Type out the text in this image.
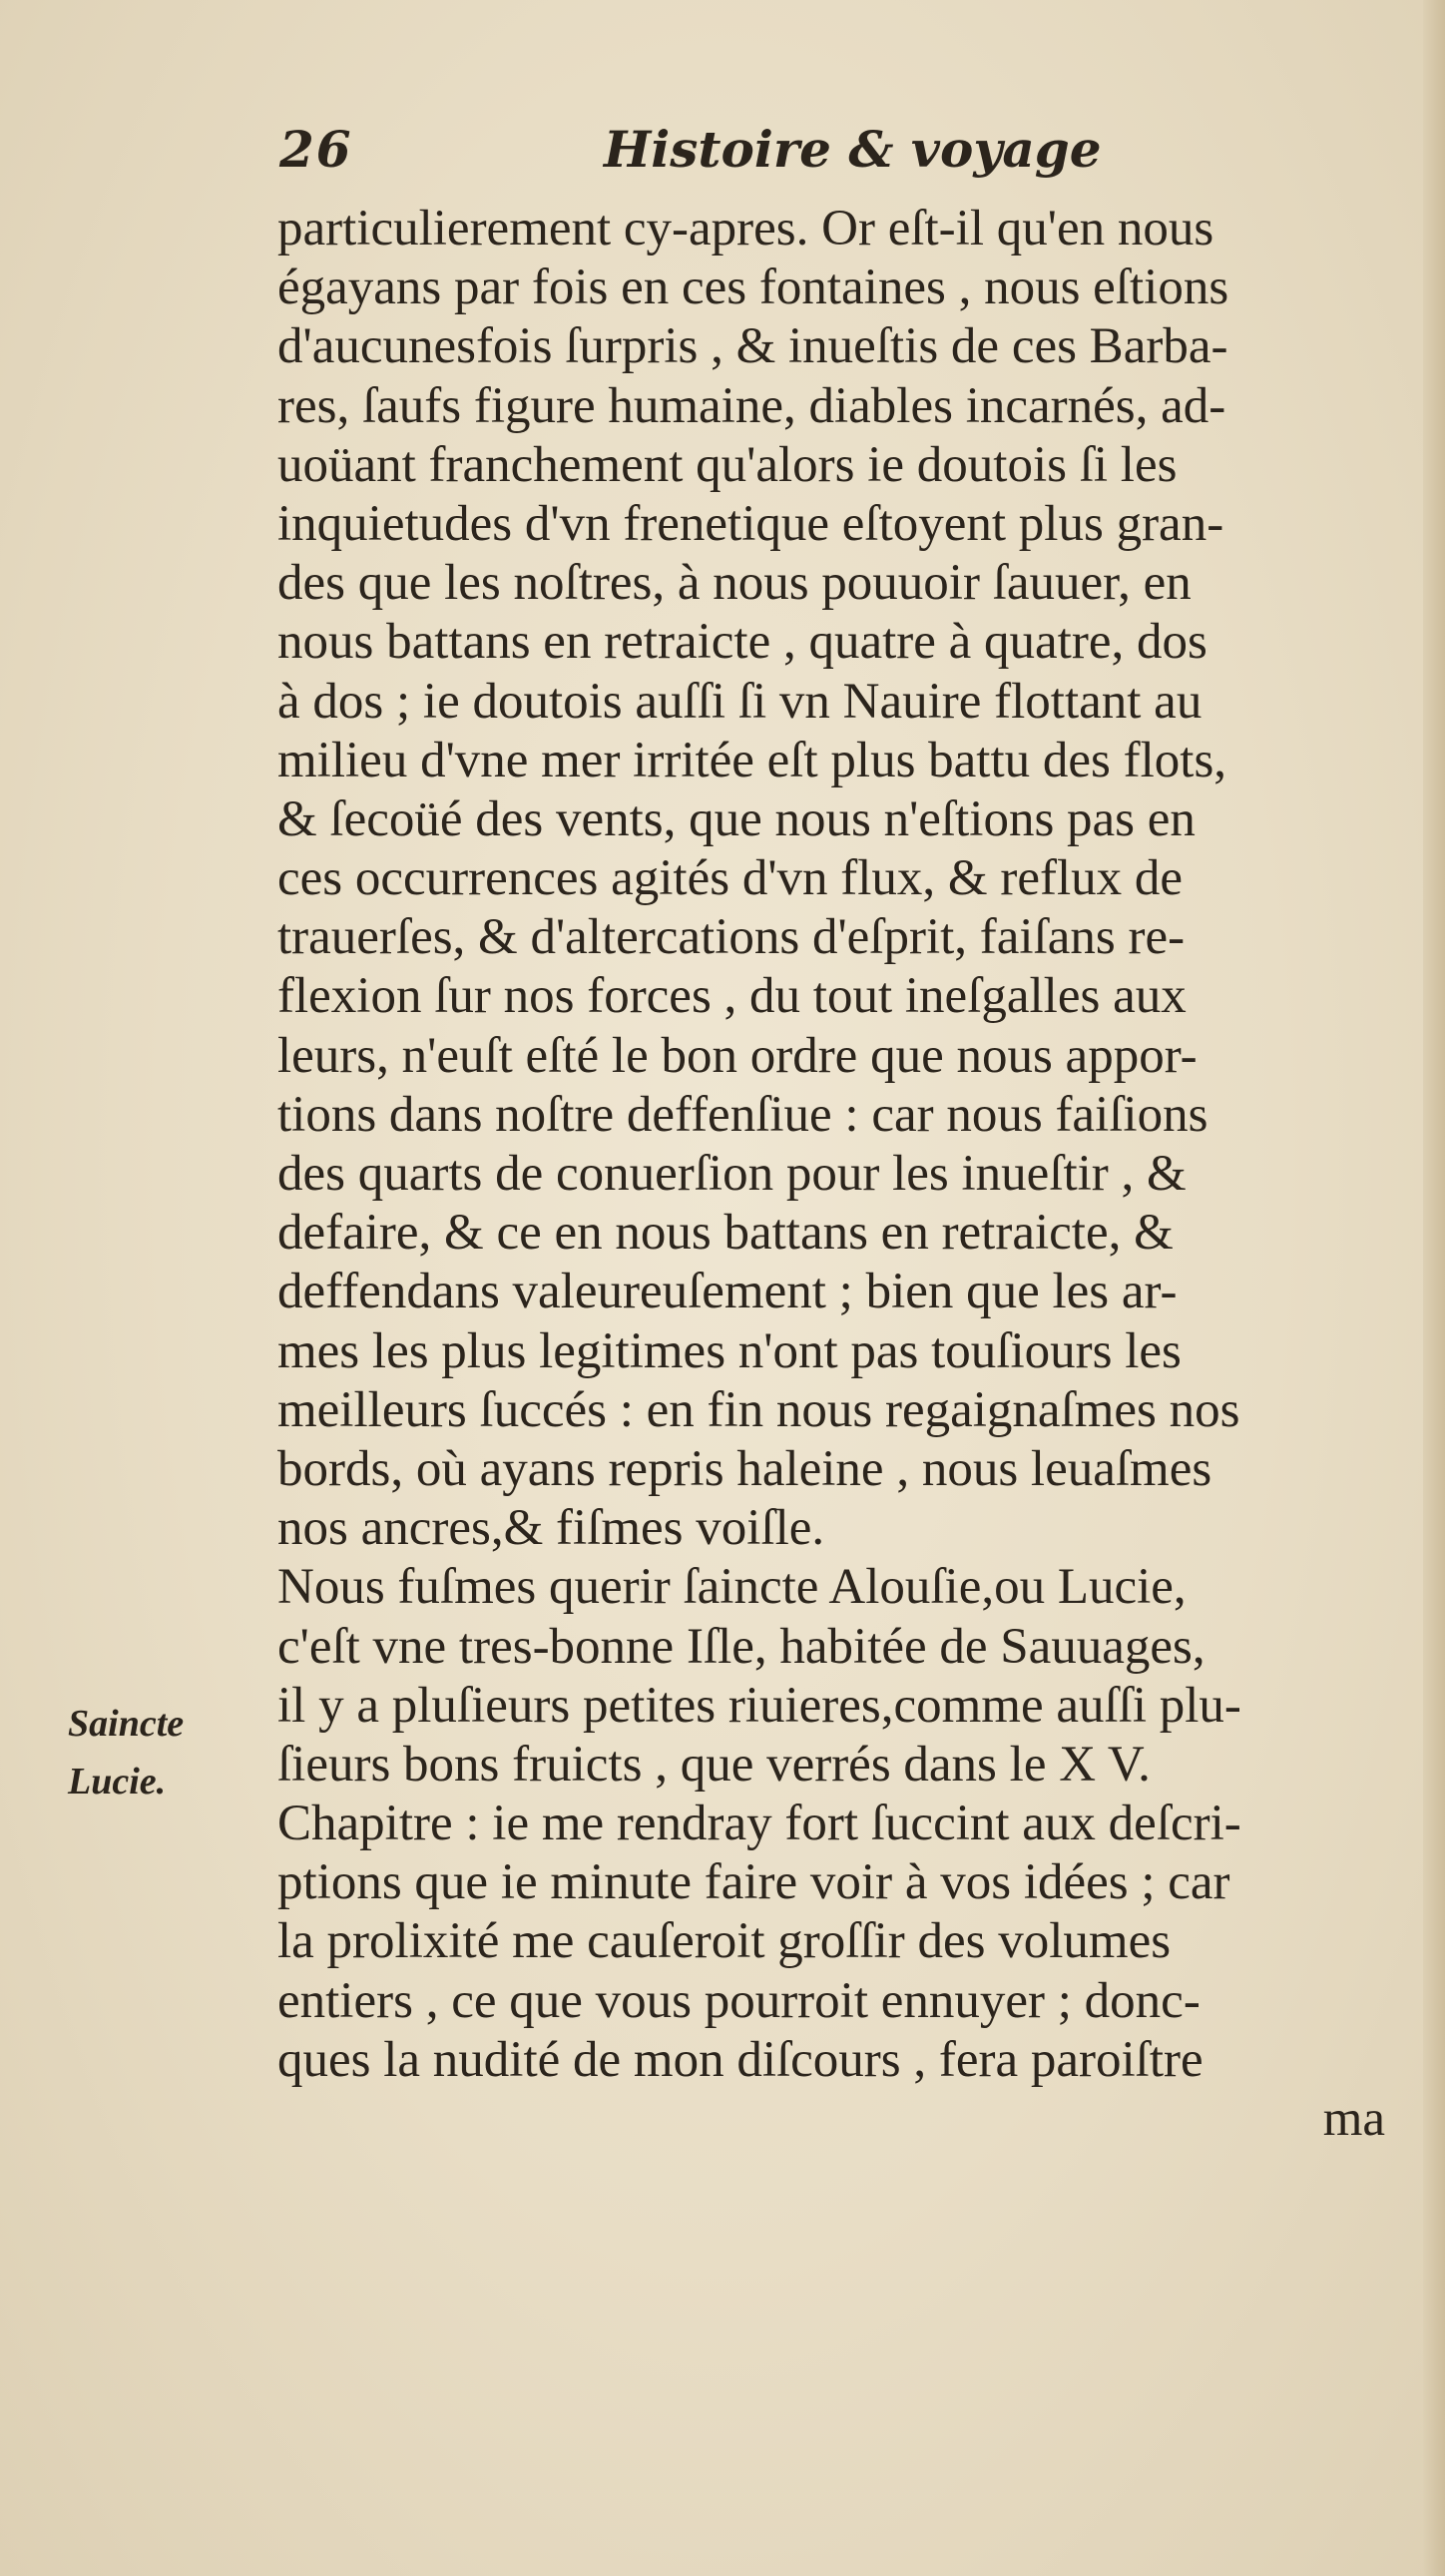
26	Histoire & voyage
Saincte
Lucie.
particulierement cy-apres. Or eſt-il qu'en nous
égayans par fois en ces fontaines , nous eſtions
d'aucunesfois ſurpris , & inueſtis de ces Barba-
res, ſaufs figure humaine, diables incarnés, ad-
uoüant franchement qu'alors ie doutois ſi les
inquietudes d'vn frenetique eſtoyent plus gran-
des que les noſtres, à nous pouuoir ſauuer, en
nous battans en retraicte , quatre à quatre, dos
à dos ; ie doutois auſſi ſi vn Nauire flottant au
milieu d'vne mer irritée eſt plus battu des flots,
& ſecoüé des vents, que nous n'eſtions pas en
ces occurrences agités d'vn flux, & reflux de
trauerſes, & d'altercations d'eſprit, faiſans re-
flexion ſur nos forces , du tout ineſgalles aux
leurs, n'euſt eſté le bon ordre que nous appor-
tions dans noſtre deffenſiue : car nous faiſions
des quarts de conuerſion pour les inueſtir , &
defaire, & ce en nous battans en retraicte, &
deffendans valeureuſement ; bien que les ar-
mes les plus legitimes n'ont pas touſiours les
meilleurs ſuccés : en fin nous regaignaſmes nos
bords, où ayans repris haleine , nous leuaſmes
nos ancres,& fiſmes voiſle.
Nous fuſmes querir ſaincte Alouſie,ou Lucie,
c'eſt vne tres-bonne Iſle, habitée de Sauuages,
il y a pluſieurs petites riuieres,comme auſſi plu-
ſieurs bons fruicts , que verrés dans le X V.
Chapitre : ie me rendray fort ſuccint aux deſcri-
ptions que ie minute faire voir à vos idées ; car
la prolixité me cauſeroit groſſir des volumes
entiers , ce que vous pourroit ennuyer ; donc-
ques la nudité de mon diſcours , fera paroiſtre
ma
